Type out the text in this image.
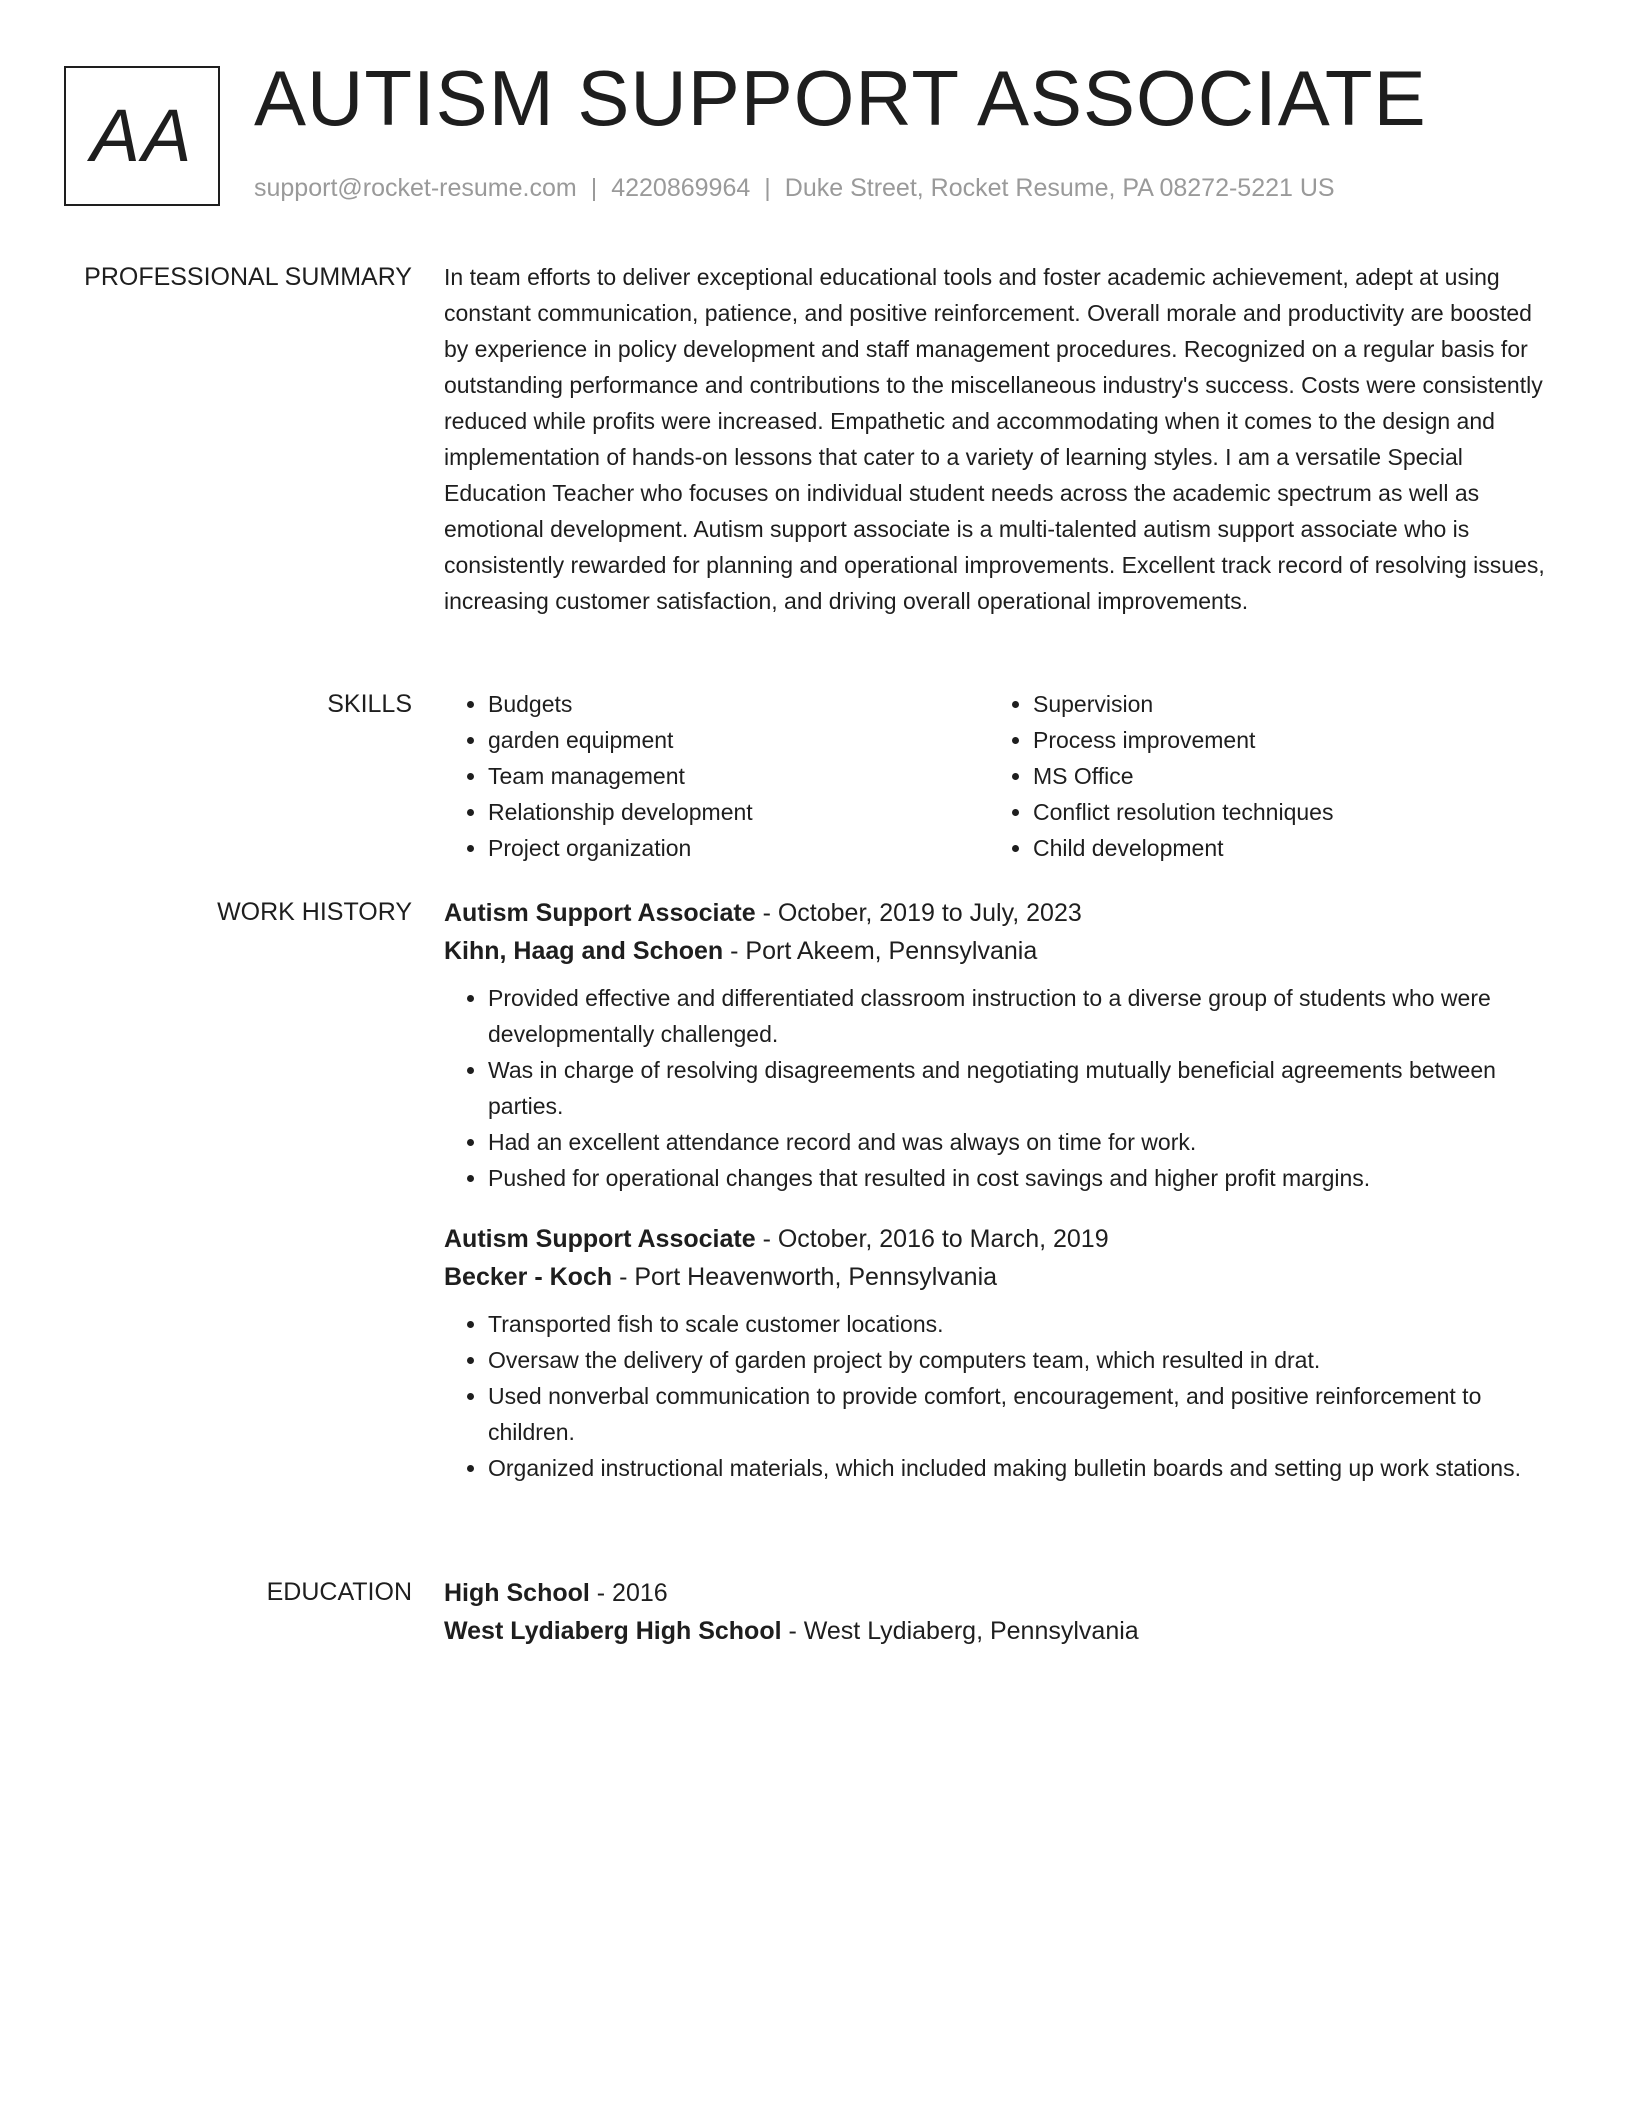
AA AUTISM SUPPORT ASSOCIATE
support@rocket-resume.com | 4220869964 | Duke Street, Rocket Resume, PA 08272-5221 US
PROFESSIONAL SUMMARY In team efforts to deliver exceptional educational tools and foster academic achievement, adept at using constant communication, patience, and positive reinforcement. Overall morale and productivity are boosted by experience in policy development and staff management procedures. Recognized on a regular basis for outstanding performance and contributions to the miscellaneous industry's success. Costs were consistently reduced while profits were increased. Empathetic and accommodating when it comes to the design and implementation of hands-on lessons that cater to a variety of learning styles. I am a versatile Special Education Teacher who focuses on individual student needs across the academic spectrum as well as emotional development. Autism support associate is a multi-talented autism support associate who is consistently rewarded for planning and operational improvements. Excellent track record of resolving issues, increasing customer satisfaction, and driving overall operational improvements.

SKILLS
•	Budgets
• garden equipment
• Team management
• Relationship development
• Project organization
• Supervision
• Process improvement
• MS Office
• Conflict resolution techniques
• Child development
WORK HISTORY Autism Support Associate - October, 2019 to July, 2023
Kihn, Haag and Schoen - Port Akeem, Pennsylvania
• Provided effective and differentiated classroom instruction to a diverse group of students who were developmentally challenged.
• Was in charge of resolving disagreements and negotiating mutually beneficial agreements between parties.
• Had an excellent attendance record and was always on time for work.
• Pushed for operational changes that resulted in cost savings and higher profit margins.
Autism Support Associate - October, 2016 to March, 2019
Becker - Koch - Port Heavenworth, Pennsylvania
• Transported fish to scale customer locations.
• Oversaw the delivery of garden project by computers team, which resulted in drat.
• Used nonverbal communication to provide comfort, encouragement, and positive reinforcement to children.
• Organized instructional materials, which included making bulletin boards and setting up work stations.
EDUCATION High School - 2016
West Lydiaberg High School - West Lydiaberg, Pennsylvania
